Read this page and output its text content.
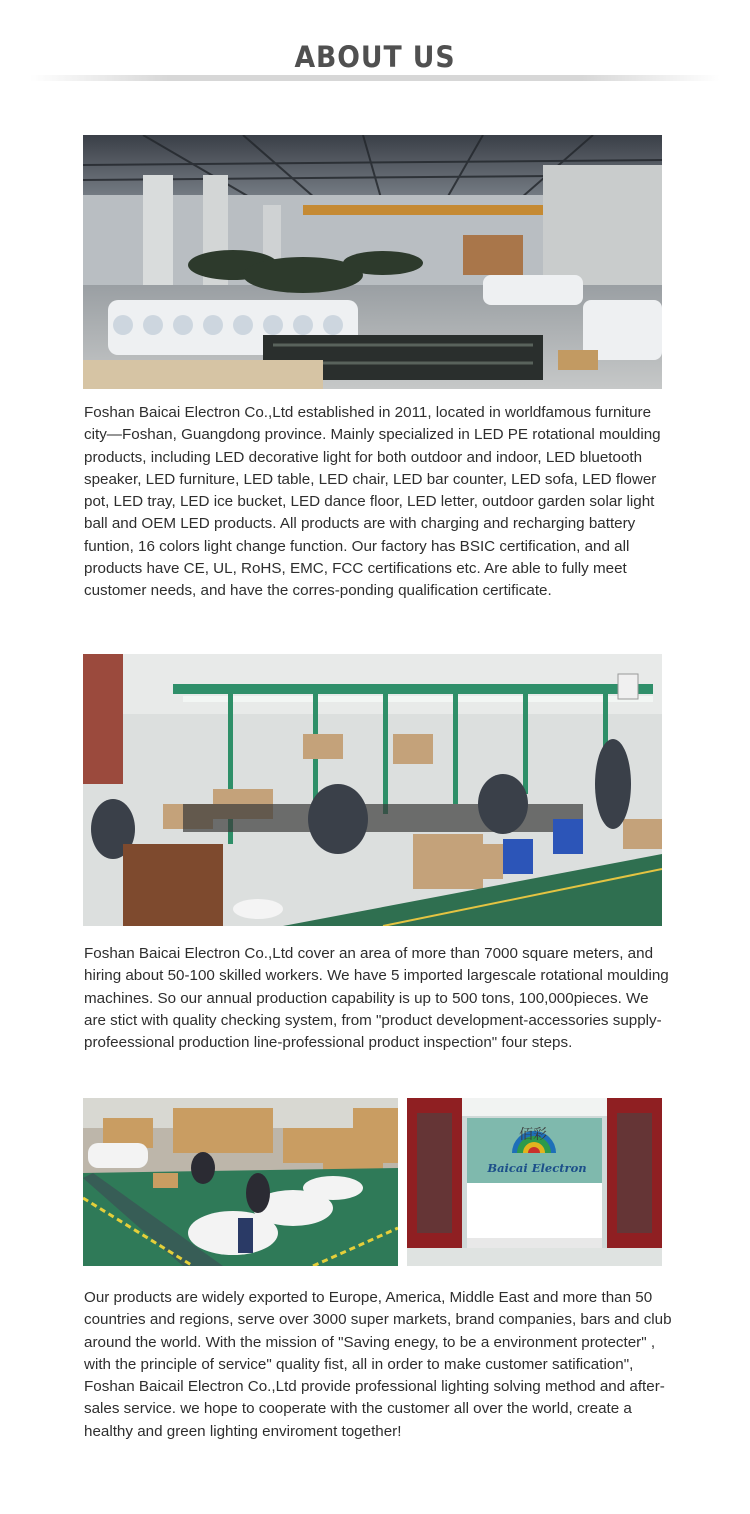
ABOUT US

Foshan Baicai Electron Co.,Ltd established in 2011, located in worldfamous furniture city—Foshan, Guangdong province. Mainly specialized in LED PE rotational moulding products, including LED decorative light for both outdoor and indoor, LED bluetooth speaker, LED furniture, LED table, LED chair, LED bar counter, LED sofa, LED flower pot, LED tray, LED ice bucket, LED dance floor, LED letter, outdoor garden solar light ball and OEM LED products. All products are with charging and recharging battery funtion, 16 colors light change function. Our factory has BSIC certification, and all products have CE, UL, RoHS, EMC, FCC certifications etc. Are able to fully meet customer needs, and have the corres-ponding qualification certificate.

Foshan Baicai Electron Co.,Ltd cover an area of more than 7000 square meters, and hiring about 50-100 skilled workers. We have 5 imported largescale rotational moulding machines. So our annual production capability is up to 500 tons, 100,000pieces. We are stict with quality checking system, from "product development-accessories supply-profeessional production line-professional product inspection" four steps.

佰彩
Baicai Electron

Our products are widely exported to Europe, America, Middle East and more than 50 countries and regions, serve over 3000 super markets, brand companies, bars and club around the world. With the mission of "Saving enegy, to be a environment protecter" , with the principle of service" quality fist, all in order to make customer satification", Foshan Baicail Electron Co.,Ltd provide professional lighting solving method and after-sales service. we hope to cooperate with the customer all over the world, create a healthy and green lighting enviroment together!
